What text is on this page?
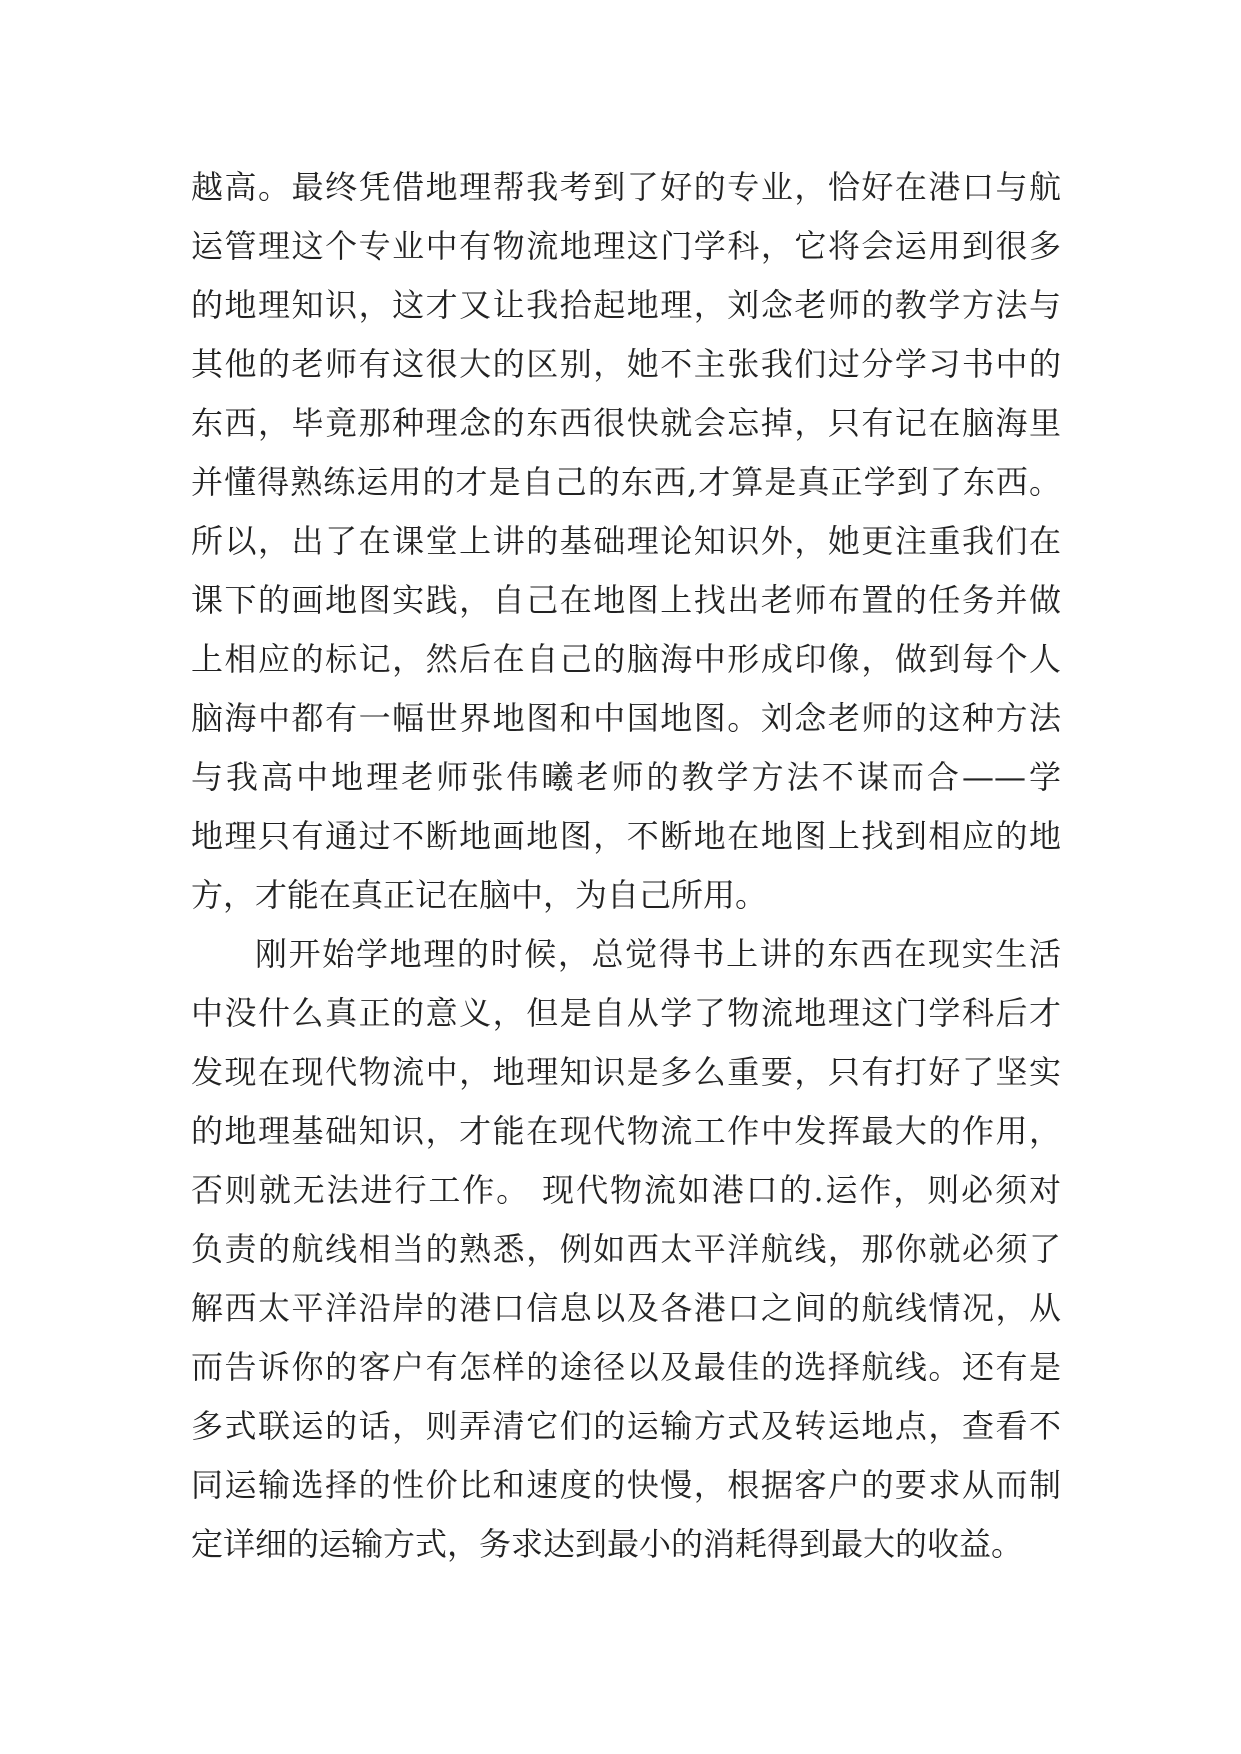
越高。最终凭借地理帮我考到了好的专业，恰好在港口与航
运管理这个专业中有物流地理这门学科，它将会运用到很多
的地理知识，这才又让我拾起地理，刘念老师的教学方法与
其他的老师有这很大的区别，她不主张我们过分学习书中的
东西，毕竟那种理念的东西很快就会忘掉，只有记在脑海里
并懂得熟练运用的才是自己的东西,才算是真正学到了东西。
所以，出了在课堂上讲的基础理论知识外，她更注重我们在
课下的画地图实践，自己在地图上找出老师布置的任务并做
上相应的标记，然后在自己的脑海中形成印像，做到每个人
脑海中都有一幅世界地图和中国地图。刘念老师的这种方法
与我高中地理老师张伟曦老师的教学方法不谋而合——学
地理只有通过不断地画地图，不断地在地图上找到相应的地
方，才能在真正记在脑中，为自己所用。
刚开始学地理的时候，总觉得书上讲的东西在现实生活
中没什么真正的意义，但是自从学了物流地理这门学科后才
发现在现代物流中，地理知识是多么重要，只有打好了坚实
的地理基础知识，才能在现代物流工作中发挥最大的作用，
否则就无法进行工作。 现代物流如港口的.运作，则必须对
负责的航线相当的熟悉，例如西太平洋航线，那你就必须了
解西太平洋沿岸的港口信息以及各港口之间的航线情况，从
而告诉你的客户有怎样的途径以及最佳的选择航线。还有是
多式联运的话，则弄清它们的运输方式及转运地点，查看不
同运输选择的性价比和速度的快慢，根据客户的要求从而制
定详细的运输方式，务求达到最小的消耗得到最大的收益。
